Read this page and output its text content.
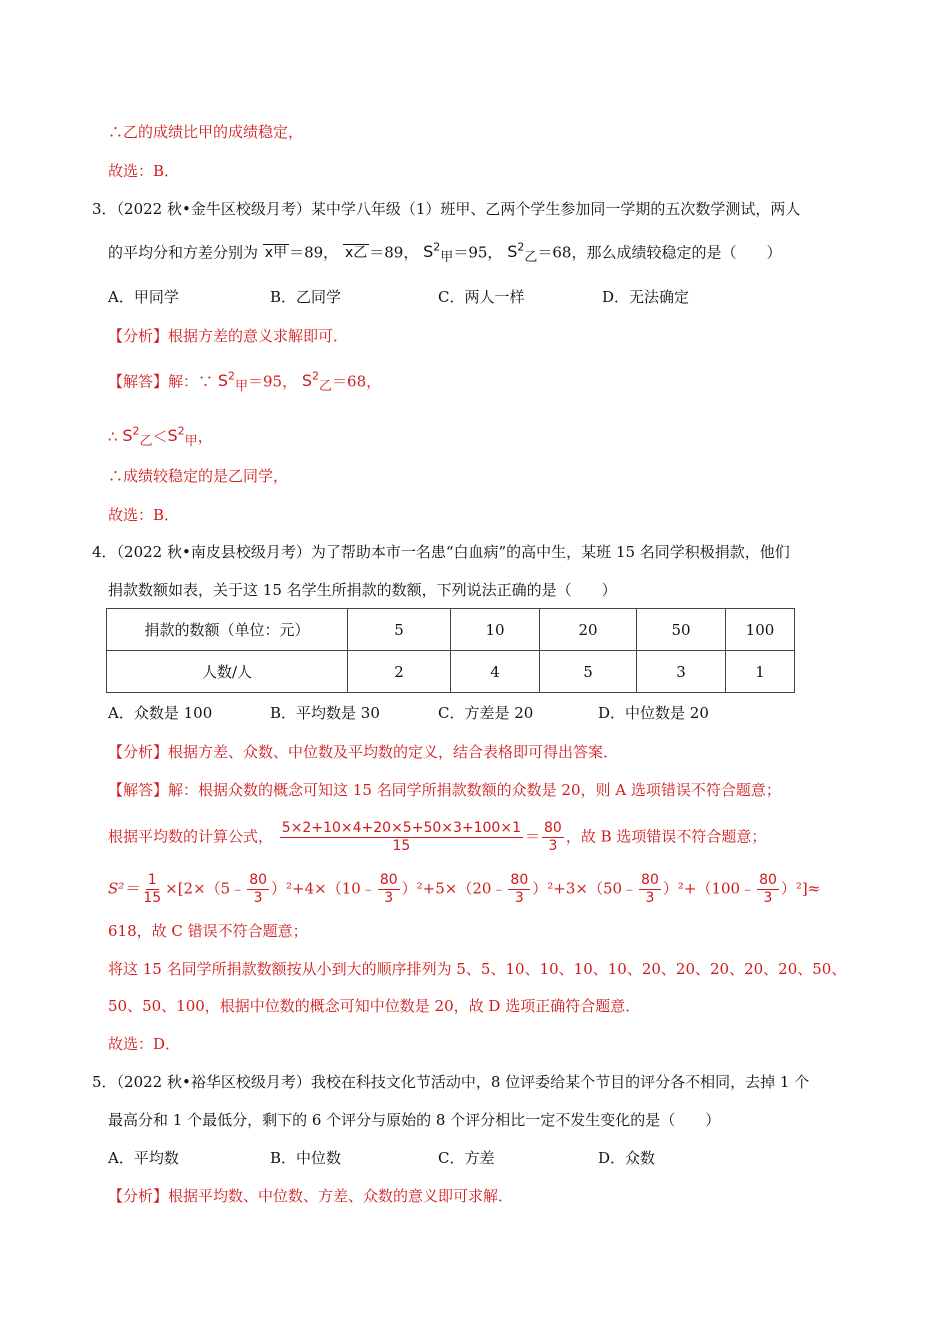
∴乙的成绩比甲的成绩稳定，
故选：B．
3．（2022 秋•金牛区校级月考）某中学八年级（1）班甲、乙两个学生参加同一学期的五次数学测试，两人
的平均分和方差分别为 x甲 ＝89， x乙 ＝89， $S^2_甲=95$， $S^2_乙=68$，那么成绩较稳定的是（　　）
A．甲同学	B．乙同学	C．两人一样	D．无法确定
【分析】根据方差的意义求解即可．
【解答】解：∵ $S^2_甲=95$， $S^2_乙=68$，
∴ $S^2_乙<S^2_甲$，
∴成绩较稳定的是乙同学，
故选：B．
4．（2022 秋•南皮县校级月考）为了帮助本市一名患“白血病”的高中生，某班 15 名同学积极捐款，他们
捐款数额如表，关于这 15 名学生所捐款的数额，下列说法正确的是（　　）
捐款的数额（单位：元）	5	10	20	50	100
人数/人	2	4	5	3	1
A．众数是 100	B．平均数是 30	C．方差是 20	D．中位数是 20
【分析】根据方差、众数、中位数及平均数的定义，结合表格即可得出答案．
【解答】解：根据众数的概念可知这 15 名同学所捐款数额的众数是 20，则 A 选项错误不符合题意；
根据平均数的计算公式， $\frac{5\times 2+10\times 4+20\times 5+50\times 3+100\times 1}{15} = \frac{80}{3}$ ，故 B 选项错误不符合题意；
$S^2= \frac{1}{15}$ ×[2×（5﹣ $\frac{80}{3}$ ）²+4×（10﹣ $\frac{80}{3}$ ）²+5×（20﹣ $\frac{80}{3}$ ）²+3×（50﹣ $\frac{80}{3}$ ）²+（100﹣ $\frac{80}{3} )^2]\approx$
618，故 C 错误不符合题意；
将这 15 名同学所捐款数额按从小到大的顺序排列为 5、5、10、10、10、10、20、20、20、20、20、50、
50、50、100，根据中位数的概念可知中位数是 20，故 D 选项正确符合题意．
故选：D．
5．（2022 秋•裕华区校级月考）我校在科技文化节活动中，8 位评委给某个节目的评分各不相同，去掉 1 个
最高分和 1 个最低分，剩下的 6 个评分与原始的 8 个评分相比一定不发生变化的是（　　）
A．平均数	B．中位数	C．方差	D．众数
【分析】根据平均数、中位数、方差、众数的意义即可求解．
